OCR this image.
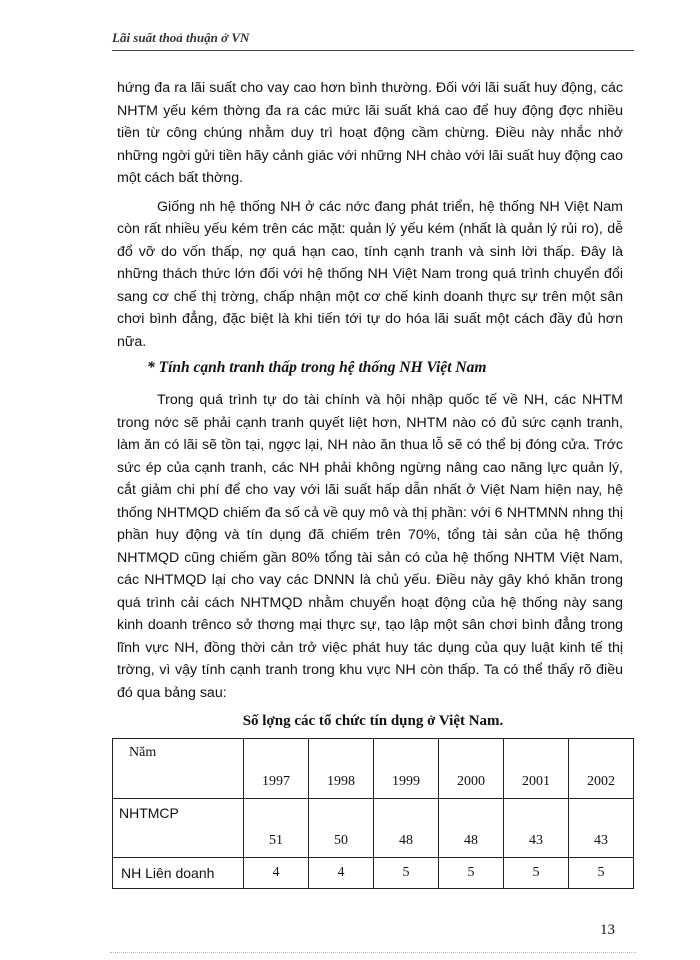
Lãi suất thoả thuận ở VN

hứng đa ra lãi suất cho vay cao hơn bình thường. Đối với lãi suất huy động, các NHTM yếu kém thờng đa ra các mức lãi suất khá cao để huy động đợc nhiều tiền từ công chúng nhằm duy trì hoạt động cầm chừng. Điều này nhắc nhở những ngời gửi tiền hãy cảnh giác với những NH chào với lãi suất huy động cao một cách bất thờng.

Giống nh hệ thống NH ở các nớc đang phát triển, hệ thống NH Việt Nam còn rất nhiều yếu kém trên các mặt: quản lý yếu kém (nhất là quản lý rủi ro), dễ đổ vỡ do vốn thấp, nợ quá hạn cao, tính cạnh tranh và sinh lời thấp. Đây là những thách thức lớn đối với hệ thống NH Việt Nam trong quá trình chuyển đổi sang cơ chế thị trờng, chấp nhận một cơ chế kinh doanh thực sự trên một sân chơi bình đẳng, đặc biệt là khi tiến tới tự do hóa lãi suất một cách đầy đủ hơn nữa.

* Tính cạnh tranh thấp trong hệ thống NH Việt Nam

Trong quá trình tự do tài chính và hội nhập quốc tế về NH, các NHTM trong nớc sẽ phải cạnh tranh quyết liệt hơn, NHTM nào có đủ sức cạnh tranh, làm ăn có lãi sẽ tồn tại, ngợc lại, NH nào ăn thua lỗ sẽ có thể bị đóng cửa. Trớc sức ép của cạnh tranh, các NH phải không ngừng nâng cao năng lực quản lý, cắt giảm chi phí để cho vay với lãi suất hấp dẫn nhất ở Việt Nam hiện nay, hệ thống NHTMQD chiếm đa số cả về quy mô và thị phần: với 6 NHTMNN nhng thị phần huy động và tín dụng đã chiếm trên 70%, tổng tài sản của hệ thống NHTMQD cũng chiếm gần 80% tổng tài sản có của hệ thống NHTM Việt Nam, các NHTMQD lại cho vay các DNNN là chủ yếu. Điều này gây khó khăn trong quá trình cải cách NHTMQD nhằm chuyển hoạt động của hệ thống này sang kinh doanh trênco sở thơng mại thực sự, tạo lập một sân chơi bình đẳng trong lĩnh vực NH, đồng thời cản trở việc phát huy tác dụng của quy luật kinh tế thị trờng, vì vậy tính cạnh tranh trong khu vực NH còn thấp. Ta có thể thấy rõ điều đó qua bảng sau:

Số lợng các tổ chức tín dụng ở Việt Nam.
Năm	1997	1998	1999	2000	2001	2002
NHTMCP	51	50	48	48	43	43
NH Liên doanh	4	4	5	5	5	5
13
